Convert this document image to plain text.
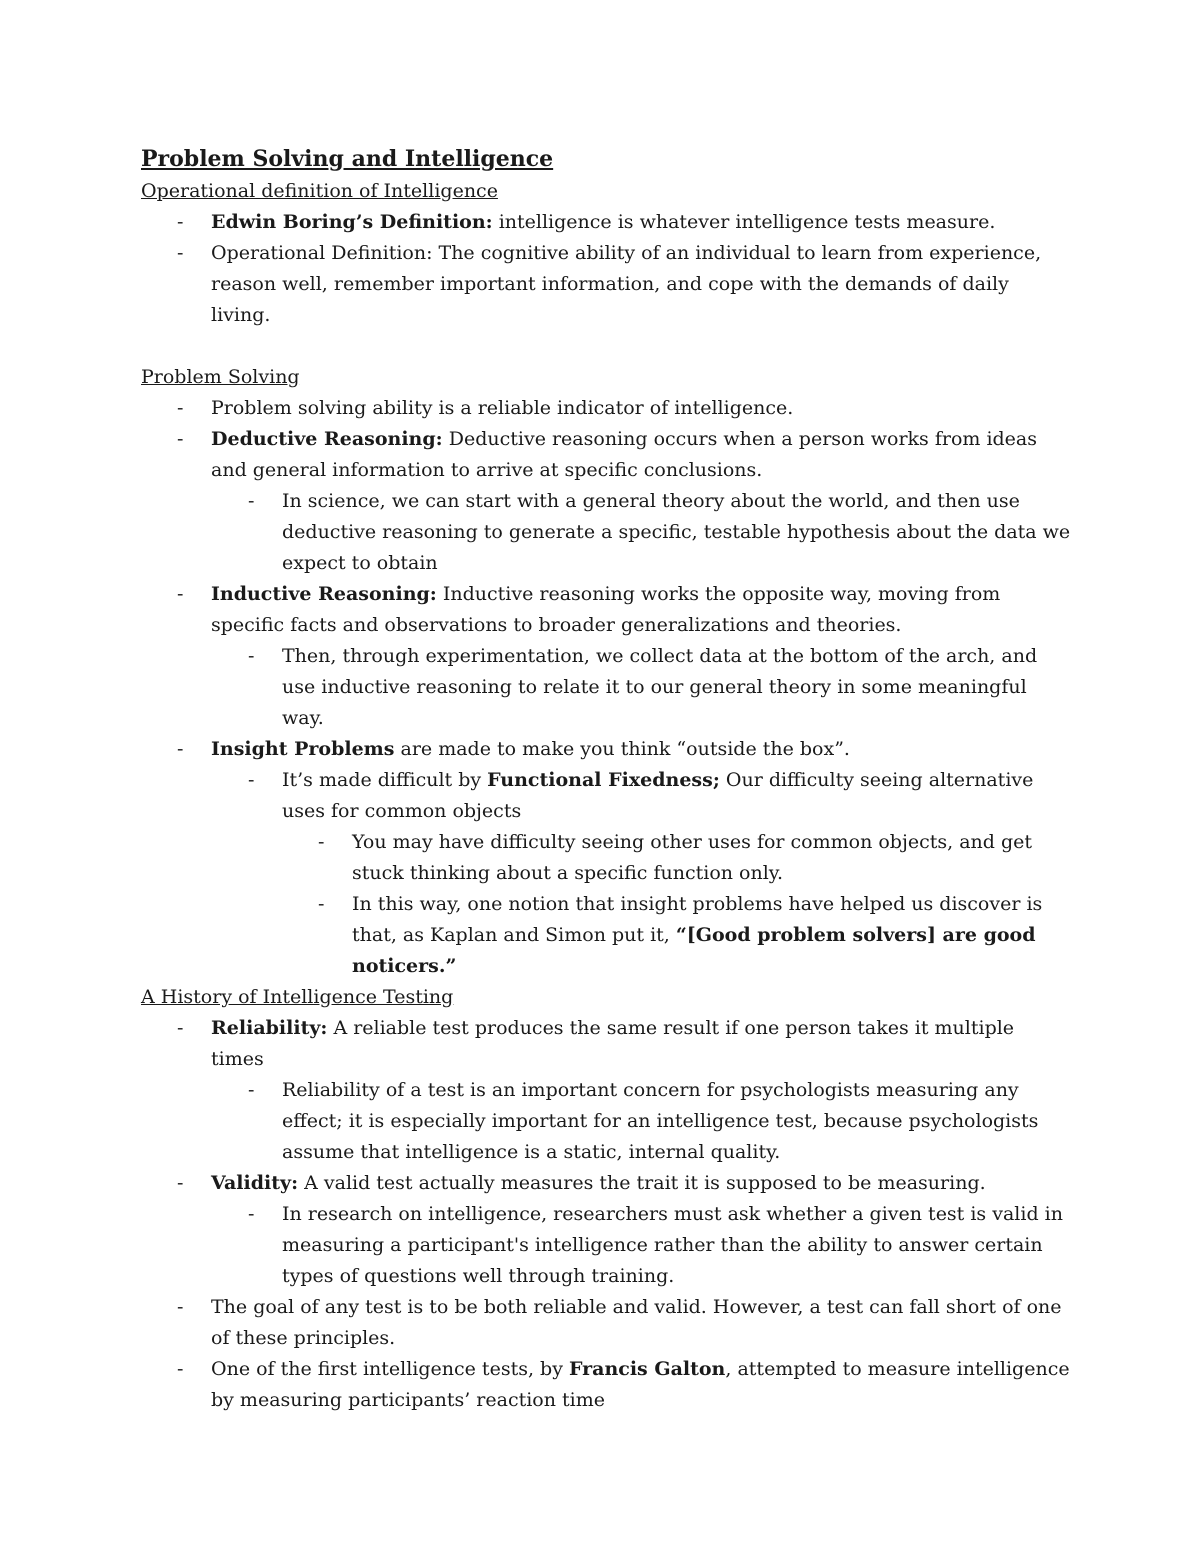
Problem Solving and Intelligence

Operational definition of Intelligence

- Edwin Boring’s Definition: intelligence is whatever intelligence tests measure.
- Operational Definition: The cognitive ability of an individual to learn from experience, reason well, remember important information, and cope with the demands of daily living.

Problem Solving

- Problem solving ability is a reliable indicator of intelligence.
- Deductive Reasoning: Deductive reasoning occurs when a person works from ideas and general information to arrive at specific conclusions.
- In science, we can start with a general theory about the world, and then use deductive reasoning to generate a specific, testable hypothesis about the data we expect to obtain
- Inductive Reasoning: Inductive reasoning works the opposite way, moving from specific facts and observations to broader generalizations and theories.
- Then, through experimentation, we collect data at the bottom of the arch, and use inductive reasoning to relate it to our general theory in some meaningful way.
- Insight Problems are made to make you think “outside the box”.
- It’s made difficult by Functional Fixedness; Our difficulty seeing alternative uses for common objects
- You may have difficulty seeing other uses for common objects, and get stuck thinking about a specific function only.
- In this way, one notion that insight problems have helped us discover is that, as Kaplan and Simon put it, “[Good problem solvers] are good noticers.”

A History of Intelligence Testing

- Reliability: A reliable test produces the same result if one person takes it multiple times
- Reliability of a test is an important concern for psychologists measuring any effect; it is especially important for an intelligence test, because psychologists assume that intelligence is a static, internal quality.
- Validity: A valid test actually measures the trait it is supposed to be measuring.
- In research on intelligence, researchers must ask whether a given test is valid in measuring a participant's intelligence rather than the ability to answer certain types of questions well through training.
- The goal of any test is to be both reliable and valid. However, a test can fall short of one of these principles.
- One of the first intelligence tests, by Francis Galton, attempted to measure intelligence by measuring participants’ reaction time
